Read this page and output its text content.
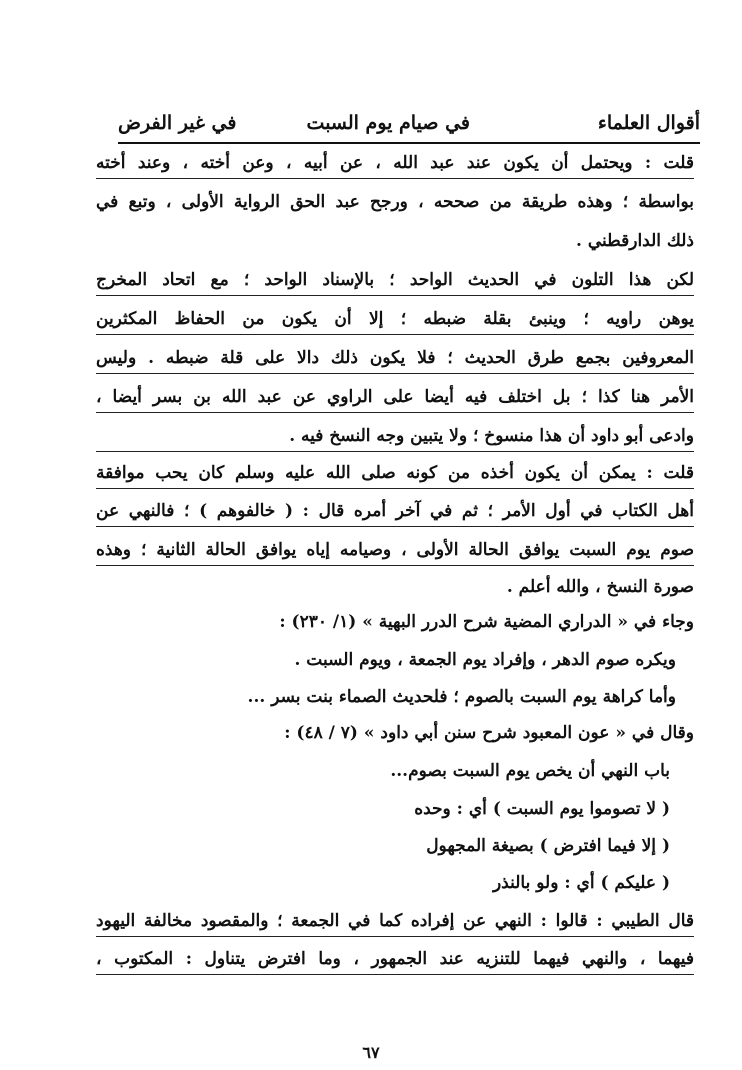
أقوال العلماء
في صيام يوم السبت
في غير الفرض
قلت : ويحتمل أن يكون عند عبد الله ، عن أبيه ، وعن أخته ، وعند أخته
بواسطة ؛ وهذه طريقة من صححه ، ورجح عبد الحق الرواية الأولى ، وتبع في
ذلك الدارقطني .
لكن هذا التلون في الحديث الواحد ؛ بالإسناد الواحد ؛ مع اتحاد المخرج
يوهن راويه ؛ وينبئ بقلة ضبطه ؛ إلا أن يكون من الحفاظ المكثرين
المعروفين بجمع طرق الحديث ؛ فلا يكون ذلك دالا على قلة ضبطه . وليس
الأمر هنا كذا ؛ بل اختلف فيه أيضا على الراوي عن عبد الله بن بسر أيضا ،
وادعى أبو داود أن هذا منسوخ ؛ ولا يتبين وجه النسخ فيه .
قلت : يمكن أن يكون أخذه من كونه صلى الله عليه وسلم كان يحب موافقة
أهل الكتاب في أول الأمر ؛ ثم في آخر أمره قال : ( خالفوهم ) ؛ فالنهي عن
صوم يوم السبت يوافق الحالة الأولى ، وصيامه إياه يوافق الحالة الثانية ؛ وهذه
صورة النسخ ، والله أعلم .
وجاء في « الدراري المضية شرح الدرر البهية » (١/ ٢٣٠) :
ويكره صوم الدهر ، وإفراد يوم الجمعة ، ويوم السبت .
وأما كراهة يوم السبت بالصوم ؛ فلحديث الصماء بنت بسر ...
وقال في « عون المعبود شرح سنن أبي داود » (٧ / ٤٨) :
باب النهي أن يخص يوم السبت بصوم...
( لا تصوموا يوم السبت ) أي : وحده
( إلا فيما افترض ) بصيغة المجهول
( عليكم ) أي : ولو بالنذر
قال الطيبي : قالوا : النهي عن إفراده كما في الجمعة ؛ والمقصود مخالفة اليهود
فيهما ، والنهي فيهما للتنزيه عند الجمهور ، وما افترض يتناول : المكتوب ،
٦٧
